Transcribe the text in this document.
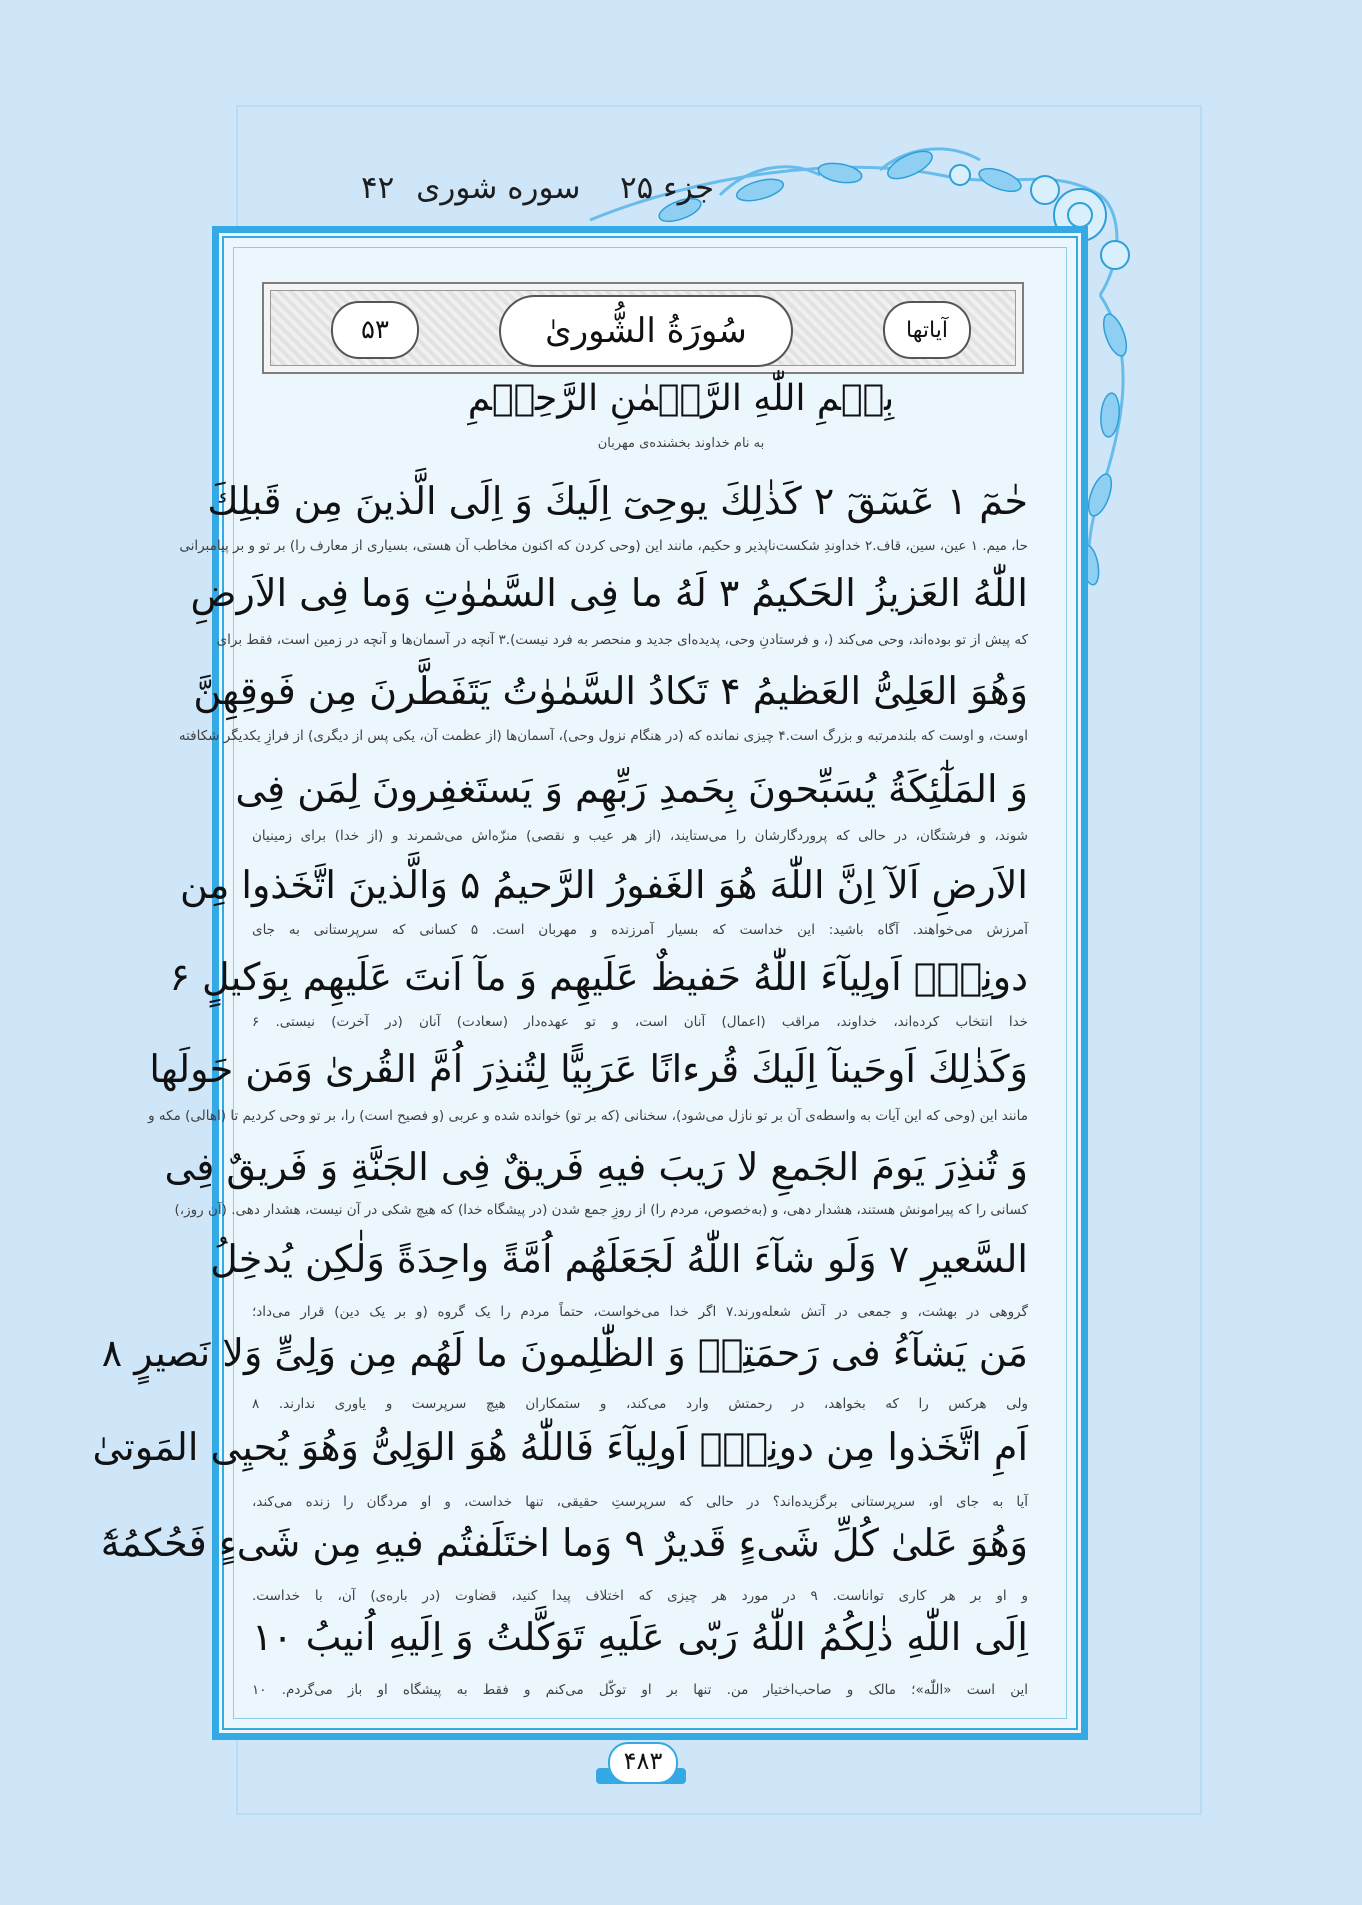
جزء ۲۵
سوره شوری ۴۲
آیاتها
سُورَةُ الشُّورىٰ
۵۳
بِسۡمِ اللّٰهِ الرَّحۡمٰنِ الرَّحِیۡمِ
به نام خداوند بخشنده‌ی مهربان
حٰمٓ ۱ عٓسٓقٓ ۲ كَذٰلِكَ یوحِیٓ اِلَیكَ وَ اِلَی الَّذینَ مِن قَبلِكَ
حا، میم. ۱ عین، سین، قاف.۲ خداوندِ شکست‌ناپذیر و حکیم، مانند این (وحی کردن که اکنون مخاطب آن هستی، بسیاری از معارف را) بر تو و بر پیامبرانی
اللّٰهُ العَزیزُ الحَكیمُ ۳ لَهُ ما فِی السَّمٰوٰتِ وَما فِی الاَرضِ
که پیش از تو بوده‌اند، وحی می‌کند (، و فرستادنِ وحی، پدیده‌ای جدید و منحصر به فرد نیست).۳ آنچه در آسمان‌ها و آنچه در زمین است، فقط برای
وَهُوَ العَلِیُّ العَظیمُ ۴ تَكادُ السَّمٰوٰتُ یَتَفَطَّرنَ مِن فَوقِهِنَّ
اوست، و اوست که بلندمرتبه و بزرگ است.۴ چیزی نمانده که (در هنگام نزول وحی)، آسمان‌ها (از عظمت آن، یکی پس از دیگری) از فرازِ یکدیگر شکافته
وَ المَلٰٓئِكَةُ یُسَبِّحونَ بِحَمدِ رَبِّهِم وَ یَستَغفِرونَ لِمَن فِی
شوند، و فرشتگان، در حالی که پروردگارشان را می‌ستایند، (از هر عیب و نقصی) منزّه‌اش می‌شمرند و (از خدا) برای زمینیان
الاَرضِ اَلآ اِنَّ اللّٰهَ هُوَ الغَفورُ الرَّحیمُ ۵ وَالَّذینَ اتَّخَذوا مِن
آمرزش می‌خواهند. آگاه باشید: این خداست که بسیار آمرزنده و مهربان است. ۵ کسانی که سرپرستانی به جای
دونِهٖٓ اَولِیآءَ اللّٰهُ حَفیظٌ عَلَیهِم وَ مآ اَنتَ عَلَیهِم بِوَكیلٍ ۶
خدا انتخاب کرده‌اند، خداوند، مراقب (اعمال) آنان است، و تو عهده‌دار (سعادت) آنان (در آخرت) نیستی. ۶
وَكَذٰلِكَ اَوحَینآ اِلَیكَ قُرءانًا عَرَبِیًّا لِتُنذِرَ اُمَّ القُرىٰ وَمَن حَولَها
مانند این (وحی که این آیات به واسطه‌ی آن بر تو نازل می‌شود)، سخنانی (که بر تو) خوانده شده و عربی (و فصیح است) را، بر تو وحی کردیم تا (اهالی) مکه و
وَ تُنذِرَ یَومَ الجَمعِ لا رَیبَ فیهِ فَریقٌ فِی الجَنَّةِ وَ فَریقٌ فِی
کسانی را که پیرامونش هستند، هشدار دهی، و (به‌خصوص، مردم را) از روزِ جمع شدن (در پیشگاه خدا) که هیچ شکی در آن نیست، هشدار دهی. (آن روز،)
السَّعیرِ ۷ وَلَو شآءَ اللّٰهُ لَجَعَلَهُم اُمَّةً واحِدَةً وَلٰكِن یُدخِلُ
گروهی در بهشت، و جمعی در آتش شعله‌ورند.۷ اگر خدا می‌خواست، حتماً مردم را یک گروه (و بر یک دین) قرار می‌داد؛
مَن یَشآءُ فی رَحمَتِهٖ وَ الظّٰلِمونَ ما لَهُم مِن وَلِیٍّ وَلا نَصیرٍ ۸
ولی هرکس را که بخواهد، در رحمتش وارد می‌کند، و ستمکاران هیچ سرپرست و یاوری ندارند. ۸
اَمِ اتَّخَذوا مِن دونِهٖٓ اَولِیآءَ فَاللّٰهُ هُوَ الوَلِیُّ وَهُوَ یُحیِی المَوتىٰ
آیا به جای او، سرپرستانی برگزیده‌اند؟ در حالی که سرپرستِ حقیقی، تنها خداست، و او مردگان را زنده می‌کند،
وَهُوَ عَلىٰ كُلِّ شَیءٍ قَدیرٌ ۹ وَما اختَلَفتُم فیهِ مِن شَیءٍ فَحُكمُهٗٓ
و او بر هر کاری تواناست. ۹ در مورد هر چیزی که اختلاف پیدا کنید، قضاوت (در باره‌ی) آن، با خداست.
اِلَى اللّٰهِ ذٰلِكُمُ اللّٰهُ رَبّی عَلَیهِ تَوَكَّلتُ وَ اِلَیهِ اُنیبُ ۱۰
این است «اللّٰه»؛ مالک و صاحب‌اختیار من. تنها بر او توکّل می‌کنم و فقط به پیشگاه او باز می‌گردم. ۱۰
۴۸۳
